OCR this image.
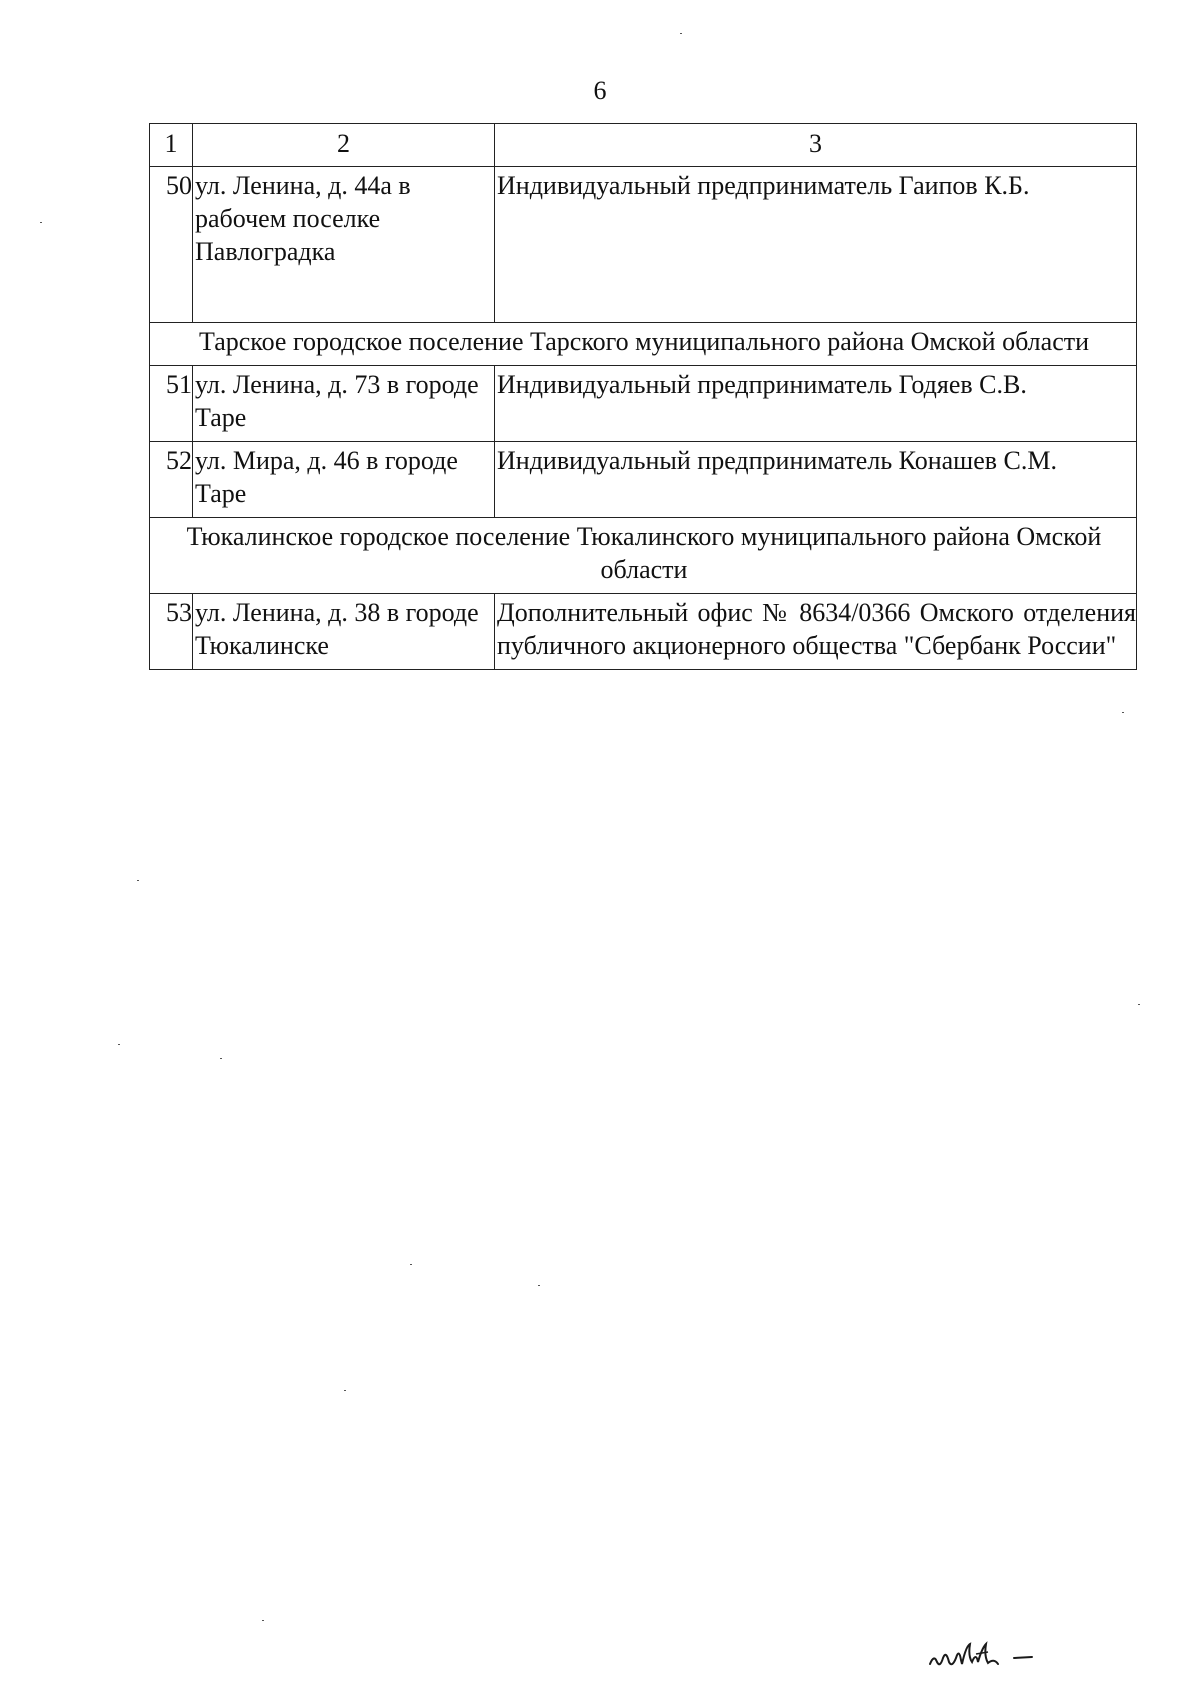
6
1	2	3
50	ул. Ленина, д. 44а в рабочем поселке Павлоградка	Индивидуальный предприниматель Гаипов К.Б.
Тарское городское поселение Тарского муниципального района Омской области		
51	ул. Ленина, д. 73 в городе Таре	Индивидуальный предприниматель Годяев С.В.
52	ул. Мира, д. 46 в городе Таре	Индивидуальный предприниматель Конашев С.М.
Тюкалинское городское поселение Тюкалинского муниципального района Омской области		
53	ул. Ленина, д. 38 в городе Тюкалинске	Дополнительный офис № 8634/0366 Омского отделения публичного акционерного общества "Сбербанк России"
